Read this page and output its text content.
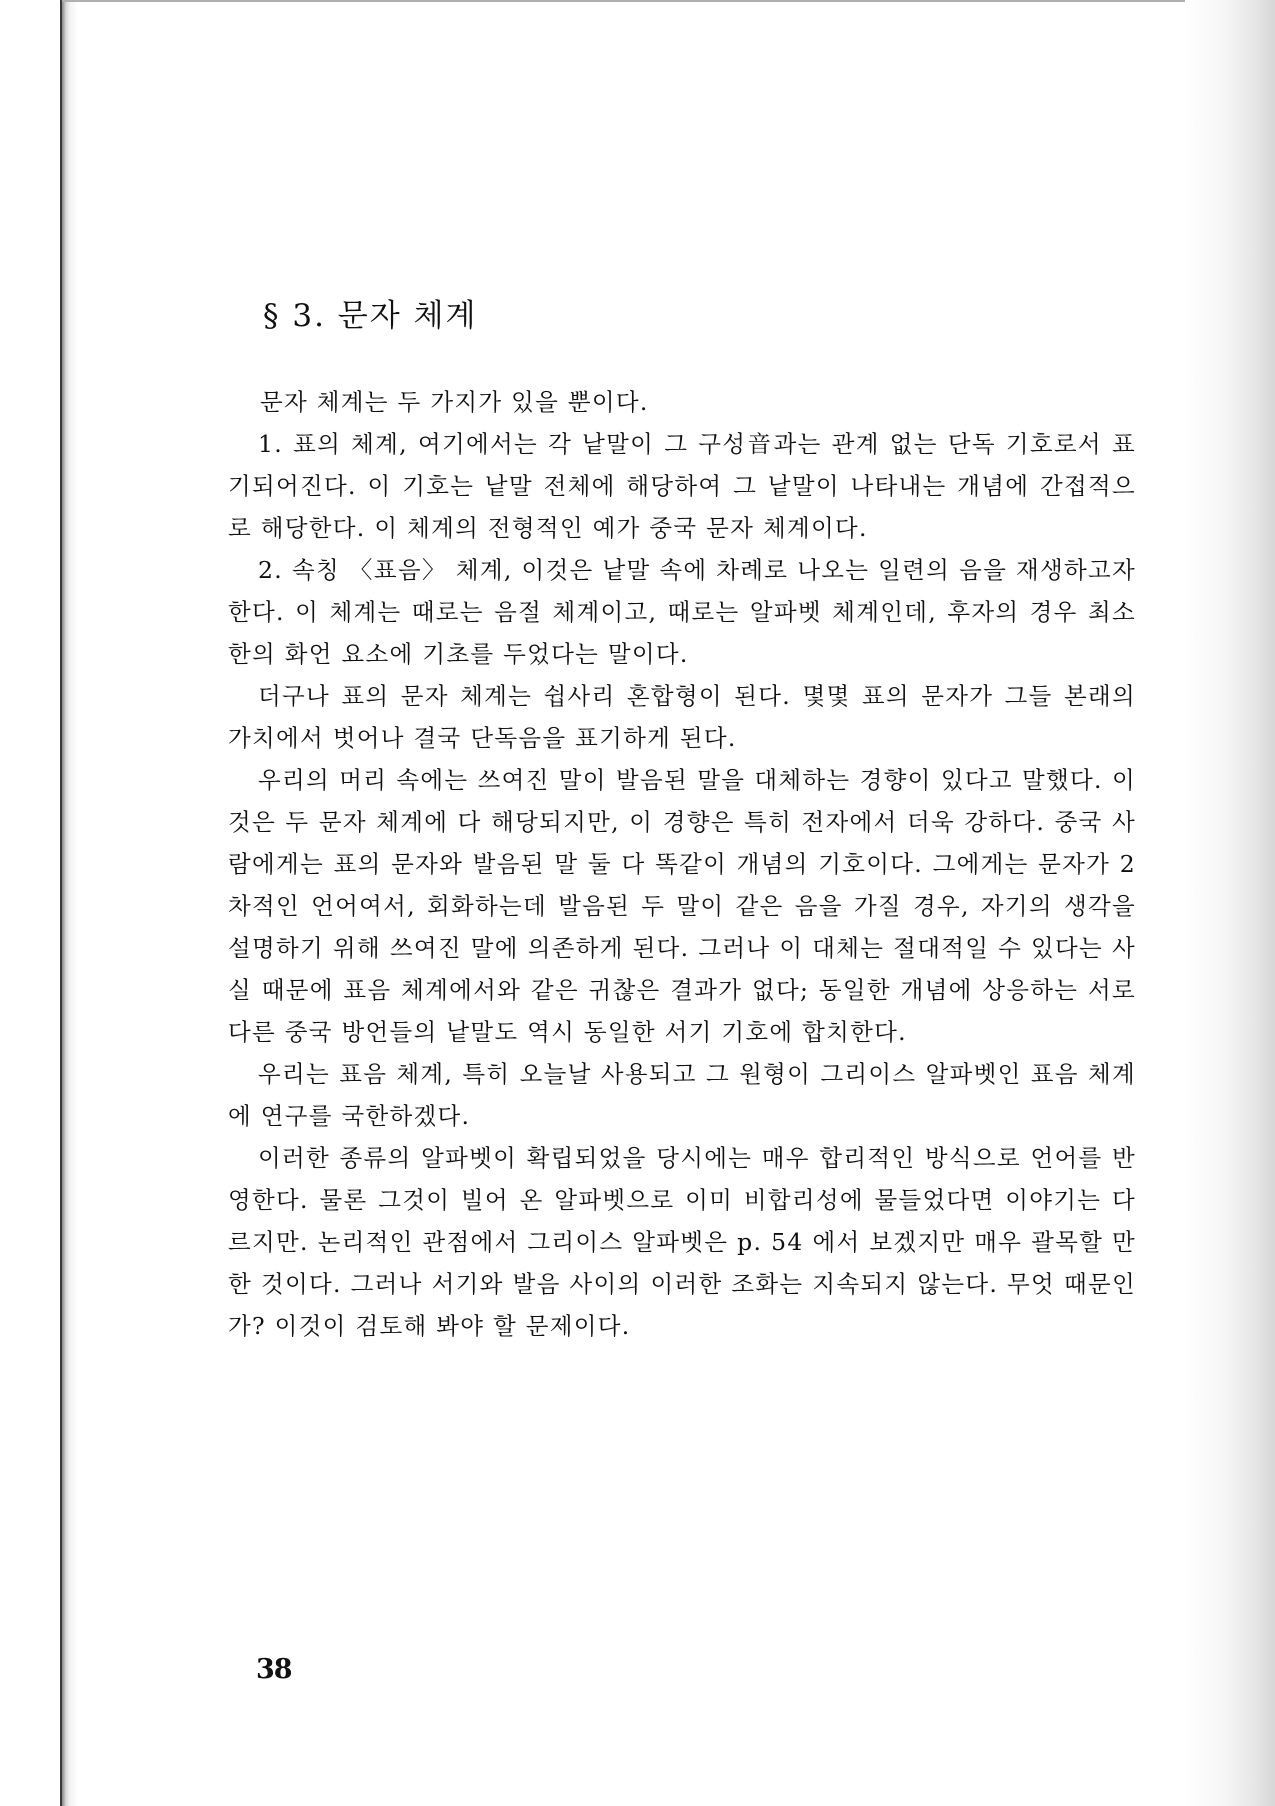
§ 3. 문자 체계

문자 체계는 두 가지가 있을 뿐이다.

1. 표의 체계, 여기에서는 각 낱말이 그 구성音과는 관계 없는 단독 기호로서 표기되어진다. 이 기호는 낱말 전체에 해당하여 그 낱말이 나타내는 개념에 간접적으로 해당한다. 이 체계의 전형적인 예가 중국 문자 체계이다.

2. 속칭 〈표음〉 체계, 이것은 낱말 속에 차례로 나오는 일련의 음을 재생하고자 한다. 이 체계는 때로는 음절 체계이고, 때로는 알파벳 체계인데, 후자의 경우 최소한의 화언 요소에 기초를 두었다는 말이다.

더구나 표의 문자 체계는 쉽사리 혼합형이 된다. 몇몇 표의 문자가 그들 본래의 가치에서 벗어나 결국 단독음을 표기하게 된다.

우리의 머리 속에는 쓰여진 말이 발음된 말을 대체하는 경향이 있다고 말했다. 이것은 두 문자 체계에 다 해당되지만, 이 경향은 특히 전자에서 더욱 강하다. 중국 사람에게는 표의 문자와 발음된 말 둘 다 똑같이 개념의 기호이다. 그에게는 문자가 2차적인 언어여서, 회화하는데 발음된 두 말이 같은 음을 가질 경우, 자기의 생각을 설명하기 위해 쓰여진 말에 의존하게 된다. 그러나 이 대체는 절대적일 수 있다는 사실 때문에 표음 체계에서와 같은 귀찮은 결과가 없다; 동일한 개념에 상응하는 서로 다른 중국 방언들의 낱말도 역시 동일한 서기 기호에 합치한다.

우리는 표음 체계, 특히 오늘날 사용되고 그 원형이 그리이스 알파벳인 표음 체계에 연구를 국한하겠다.

이러한 종류의 알파벳이 확립되었을 당시에는 매우 합리적인 방식으로 언어를 반영한다. 물론 그것이 빌어 온 알파벳으로 이미 비합리성에 물들었다면 이야기는 다르지만. 논리적인 관점에서 그리이스 알파벳은 p. 54 에서 보겠지만 매우 괄목할 만한 것이다. 그러나 서기와 발음 사이의 이러한 조화는 지속되지 않는다. 무엇 때문인가? 이것이 검토해 봐야 할 문제이다.

38
